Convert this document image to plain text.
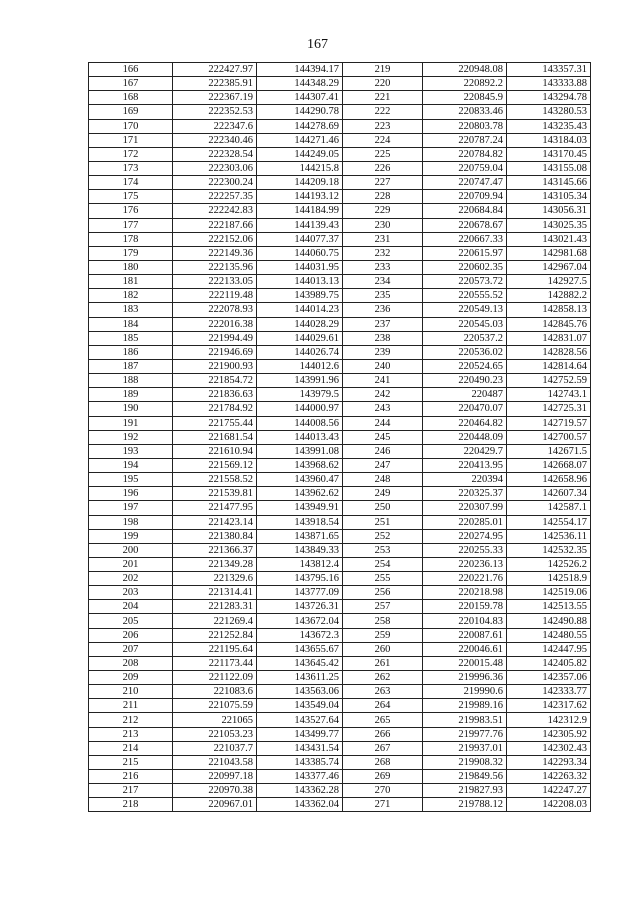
167
166	222427.97	144394.17	219	220948.08	143357.31
167	222385.91	144348.29	220	220892.2	143333.88
168	222367.19	144307.41	221	220845.9	143294.78
169	222352.53	144290.78	222	220833.46	143280.53
170	222347.6	144278.69	223	220803.78	143235.43
171	222340.46	144271.46	224	220787.24	143184.03
172	222328.54	144249.05	225	220784.82	143170.45
173	222303.06	144215.8	226	220759.04	143155.08
174	222300.24	144209.18	227	220747.47	143145.66
175	222257.35	144193.12	228	220709.94	143105.34
176	222242.83	144184.99	229	220684.84	143056.31
177	222187.66	144139.43	230	220678.67	143025.35
178	222152.06	144077.37	231	220667.33	143021.43
179	222149.36	144060.75	232	220615.97	142981.68
180	222135.96	144031.95	233	220602.35	142967.04
181	222133.05	144013.13	234	220573.72	142927.5
182	222119.48	143989.75	235	220555.52	142882.2
183	222078.93	144014.23	236	220549.13	142858.13
184	222016.38	144028.29	237	220545.03	142845.76
185	221994.49	144029.61	238	220537.2	142831.07
186	221946.69	144026.74	239	220536.02	142828.56
187	221900.93	144012.6	240	220524.65	142814.64
188	221854.72	143991.96	241	220490.23	142752.59
189	221836.63	143979.5	242	220487	142743.1
190	221784.92	144000.97	243	220470.07	142725.31
191	221755.44	144008.56	244	220464.82	142719.57
192	221681.54	144013.43	245	220448.09	142700.57
193	221610.94	143991.08	246	220429.7	142671.5
194	221569.12	143968.62	247	220413.95	142668.07
195	221558.52	143960.47	248	220394	142658.96
196	221539.81	143962.62	249	220325.37	142607.34
197	221477.95	143949.91	250	220307.99	142587.1
198	221423.14	143918.54	251	220285.01	142554.17
199	221380.84	143871.65	252	220274.95	142536.11
200	221366.37	143849.33	253	220255.33	142532.35
201	221349.28	143812.4	254	220236.13	142526.2
202	221329.6	143795.16	255	220221.76	142518.9
203	221314.41	143777.09	256	220218.98	142519.06
204	221283.31	143726.31	257	220159.78	142513.55
205	221269.4	143672.04	258	220104.83	142490.88
206	221252.84	143672.3	259	220087.61	142480.55
207	221195.64	143655.67	260	220046.61	142447.95
208	221173.44	143645.42	261	220015.48	142405.82
209	221122.09	143611.25	262	219996.36	142357.06
210	221083.6	143563.06	263	219990.6	142333.77
211	221075.59	143549.04	264	219989.16	142317.62
212	221065	143527.64	265	219983.51	142312.9
213	221053.23	143499.77	266	219977.76	142305.92
214	221037.7	143431.54	267	219937.01	142302.43
215	221043.58	143385.74	268	219908.32	142293.34
216	220997.18	143377.46	269	219849.56	142263.32
217	220970.38	143362.28	270	219827.93	142247.27
218	220967.01	143362.04	271	219788.12	142208.03
